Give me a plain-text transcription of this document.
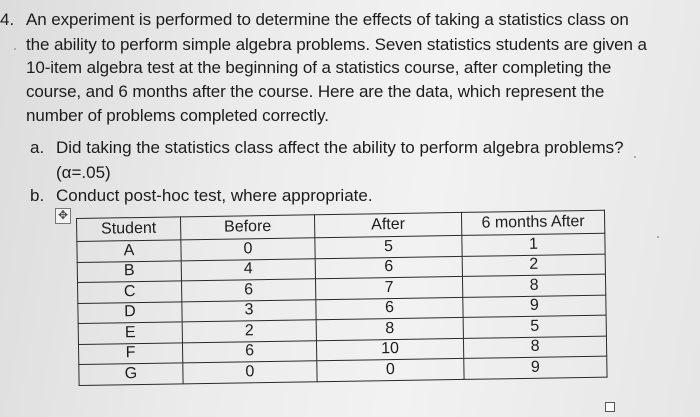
4. An experiment is performed to determine the effects of taking a statistics class on
the ability to perform simple algebra problems. Seven statistics students are given a
10-item algebra test at the beginning of a statistics course, after completing the
course, and 6 months after the course. Here are the data, which represent the
number of problems completed correctly.
a. Did taking the statistics class affect the ability to perform algebra problems?
(α=.05)
b. Conduct post-hoc test, where appropriate.
✥
Student	Before	After	6 months After
A	0	5	1
B	4	6	2
C	6	7	8
D	3	6	9
E	2	8	5
F	6	10	8
G	0	0	9
